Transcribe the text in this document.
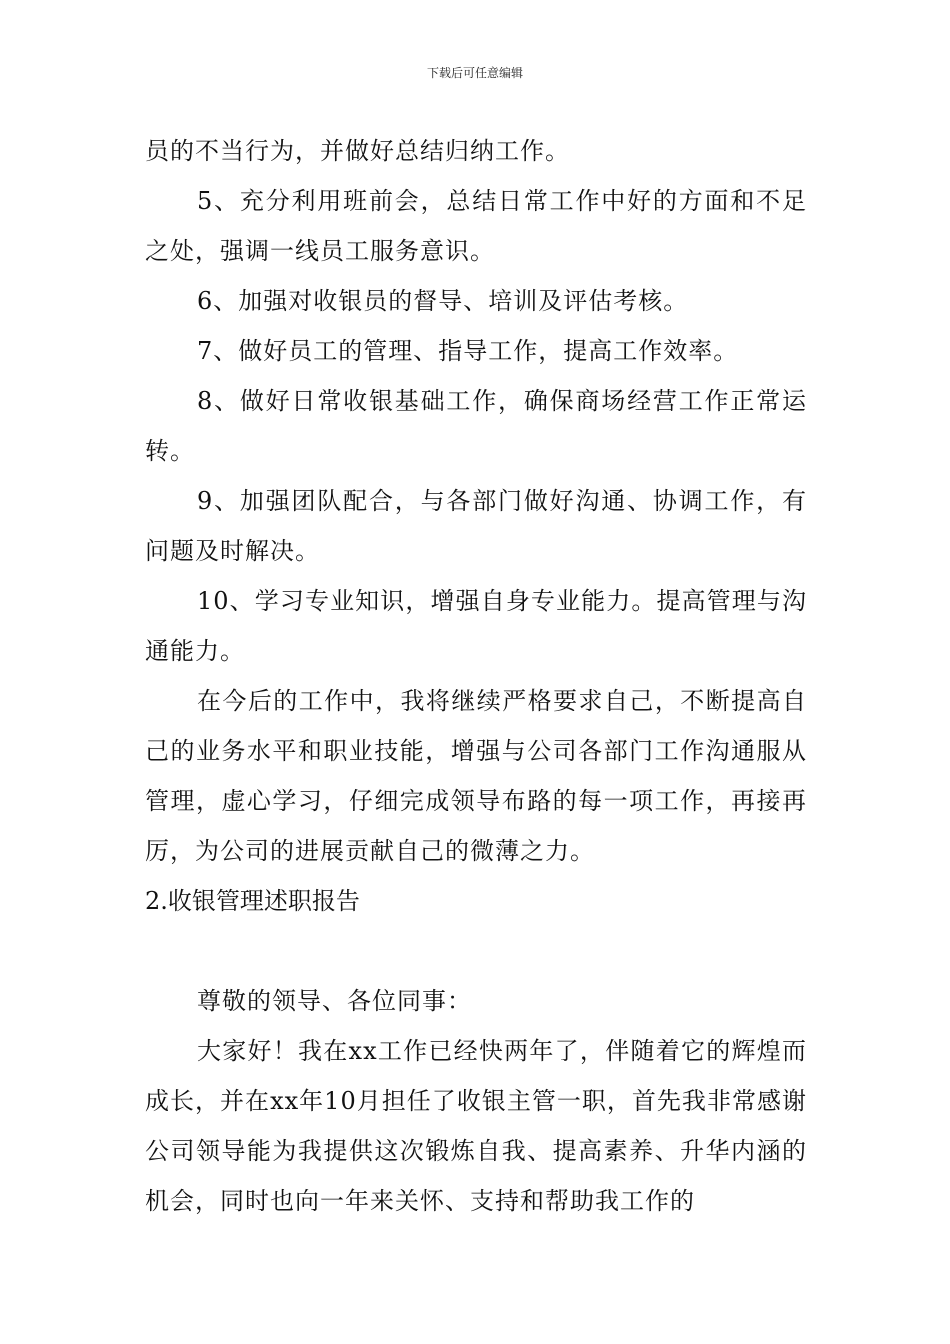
下载后可任意编辑

员的不当行为，并做好总结归纳工作。

5、充分利用班前会，总结日常工作中好的方面和不足之处，强调一线员工服务意识。

6、加强对收银员的督导、培训及评估考核。

7、做好员工的管理、指导工作，提高工作效率。

8、做好日常收银基础工作，确保商场经营工作正常运转。

9、加强团队配合，与各部门做好沟通、协调工作，有问题及时解决。

10、学习专业知识，增强自身专业能力。提高管理与沟通能力。

在今后的工作中，我将继续严格要求自己，不断提高自己的业务水平和职业技能，增强与公司各部门工作沟通服从管理，虚心学习，仔细完成领导布路的每一项工作，再接再厉，为公司的进展贡献自己的微薄之力。

2.收银管理述职报告

尊敬的领导、各位同事：

大家好！我在xx工作已经快两年了，伴随着它的辉煌而成长，并在xx年10月担任了收银主管一职，首先我非常感谢公司领导能为我提供这次锻炼自我、提高素养、升华内涵的机会，同时也向一年来关怀、支持和帮助我工作的
